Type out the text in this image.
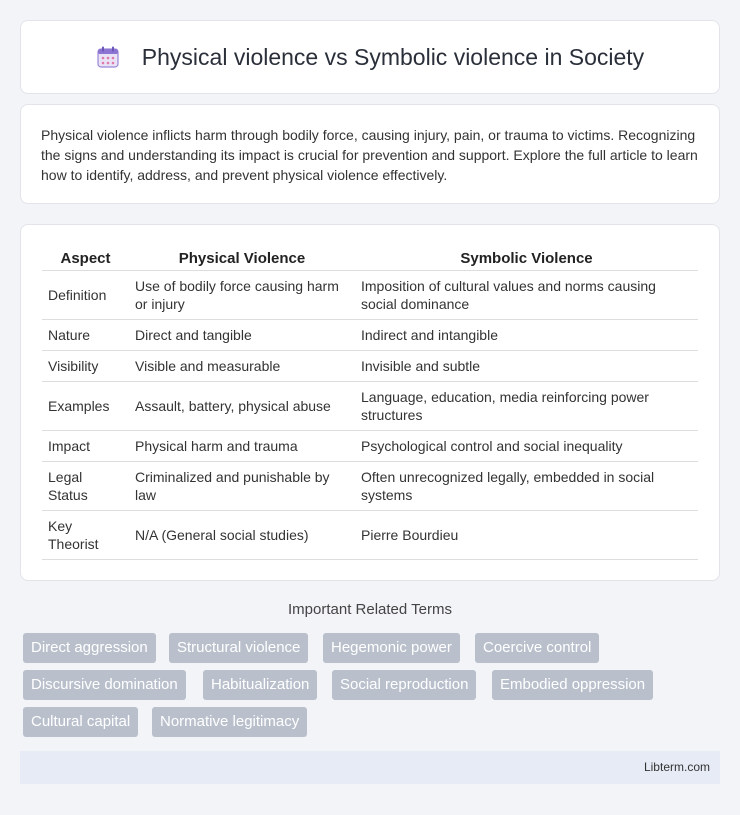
Physical violence vs Symbolic violence in Society

Physical violence inflicts harm through bodily force, causing injury, pain, or trauma to victims. Recognizing the signs and understanding its impact is crucial for prevention and support. Explore the full article to learn how to identify, address, and prevent physical violence effectively.

Aspect	Physical Violence	Symbolic Violence
Definition	Use of bodily force causing harm or injury	Imposition of cultural values and norms causing social dominance
Nature	Direct and tangible	Indirect and intangible
Visibility	Visible and measurable	Invisible and subtle
Examples	Assault, battery, physical abuse	Language, education, media reinforcing power structures
Impact	Physical harm and trauma	Psychological control and social inequality
Legal Status	Criminalized and punishable by law	Often unrecognized legally, embedded in social systems
Key Theorist	N/A (General social studies)	Pierre Bourdieu
Important Related Terms
Direct aggression	Structural violence	Hegemonic power	Coercive control
Discursive domination	Habitualization	Social reproduction	Embodied oppression
Cultural capital	Normative legitimacy
Libterm.com
